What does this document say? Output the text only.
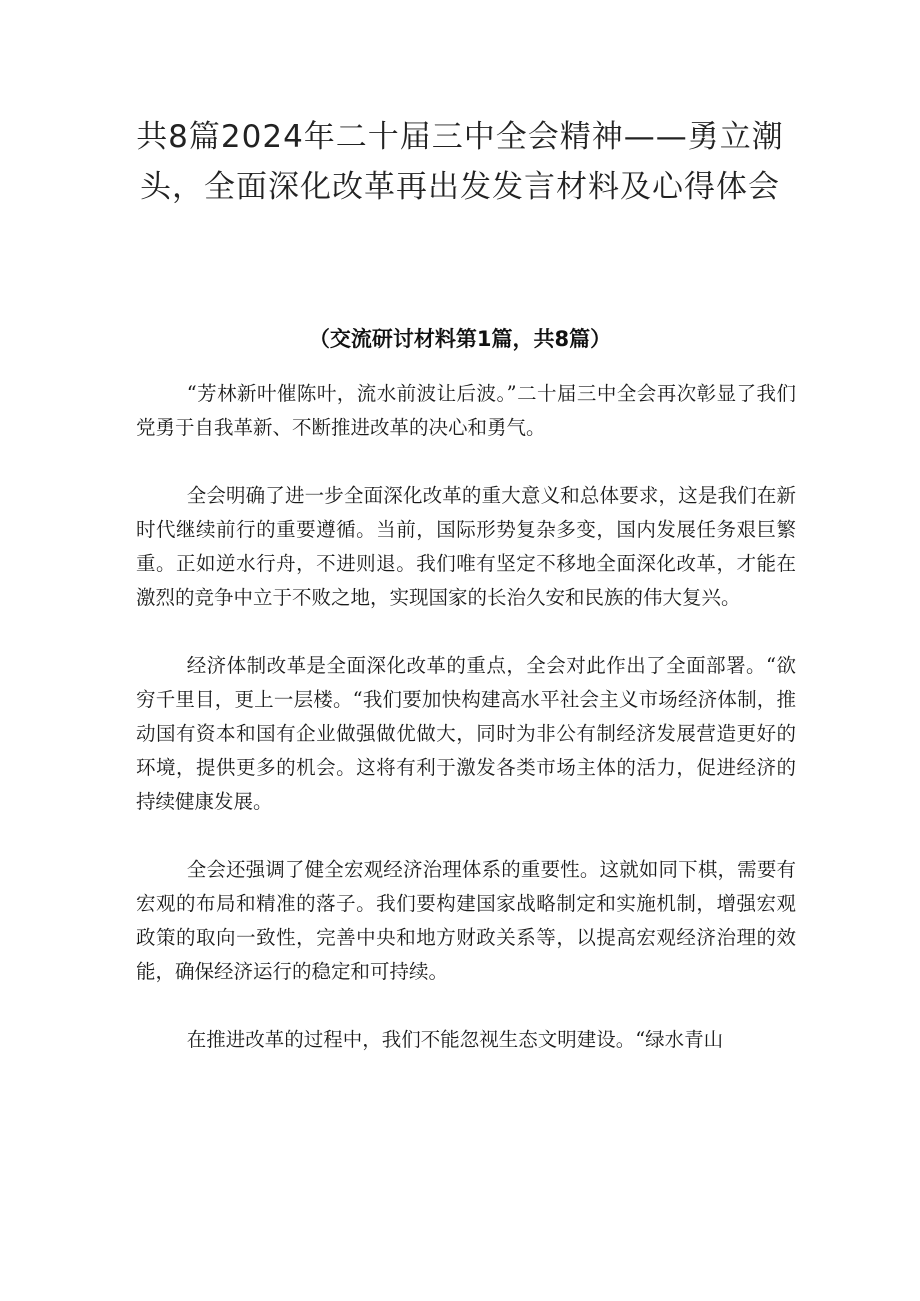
共8篇2024年二十届三中全会精神——勇立潮头，全面深化改革再出发发言材料及心得体会
（交流研讨材料第1篇，共8篇）

“芳林新叶催陈叶，流水前波让后波。”二十届三中全会再次彰显了我们党勇于自我革新、不断推进改革的决心和勇气。

全会明确了进一步全面深化改革的重大意义和总体要求，这是我们在新时代继续前行的重要遵循。当前，国际形势复杂多变，国内发展任务艰巨繁重。正如逆水行舟，不进则退。我们唯有坚定不移地全面深化改革，才能在激烈的竞争中立于不败之地，实现国家的长治久安和民族的伟大复兴。

经济体制改革是全面深化改革的重点，全会对此作出了全面部署。“欲穷千里目，更上一层楼。“我们要加快构建高水平社会主义市场经济体制，推动国有资本和国有企业做强做优做大，同时为非公有制经济发展营造更好的环境，提供更多的机会。这将有利于激发各类市场主体的活力，促进经济的持续健康发展。

全会还强调了健全宏观经济治理体系的重要性。这就如同下棋，需要有宏观的布局和精准的落子。我们要构建国家战略制定和实施机制，增强宏观政策的取向一致性，完善中央和地方财政关系等，以提高宏观经济治理的效能，确保经济运行的稳定和可持续。

在推进改革的过程中，我们不能忽视生态文明建设。“绿水青山
